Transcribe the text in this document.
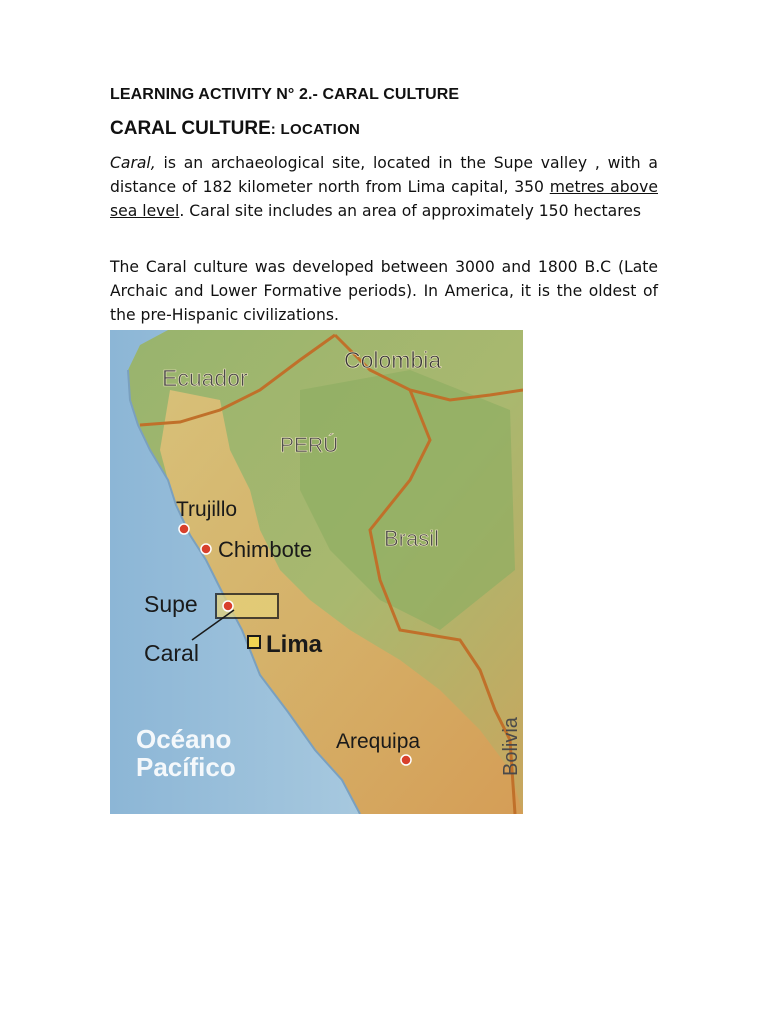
LEARNING ACTIVITY N° 2.- CARAL CULTURE
CARAL CULTURE: LOCATION

Caral, is an archaeological site, located in the Supe valley , with a distance of 182 kilometer north from Lima capital, 350 metres above sea level. Caral site includes an area of approximately 150 hectares

The Caral culture was developed between 3000 and 1800 B.C (Late Archaic and Lower Formative periods). In America, it is the oldest of the pre-Hispanic civilizations.

Colombia
Ecuador
PERÚ
Trujillo
Chimbote	Brasil
Supe
Caral	Lima
Océano
Pacífico
Arequipa	Bolivia
